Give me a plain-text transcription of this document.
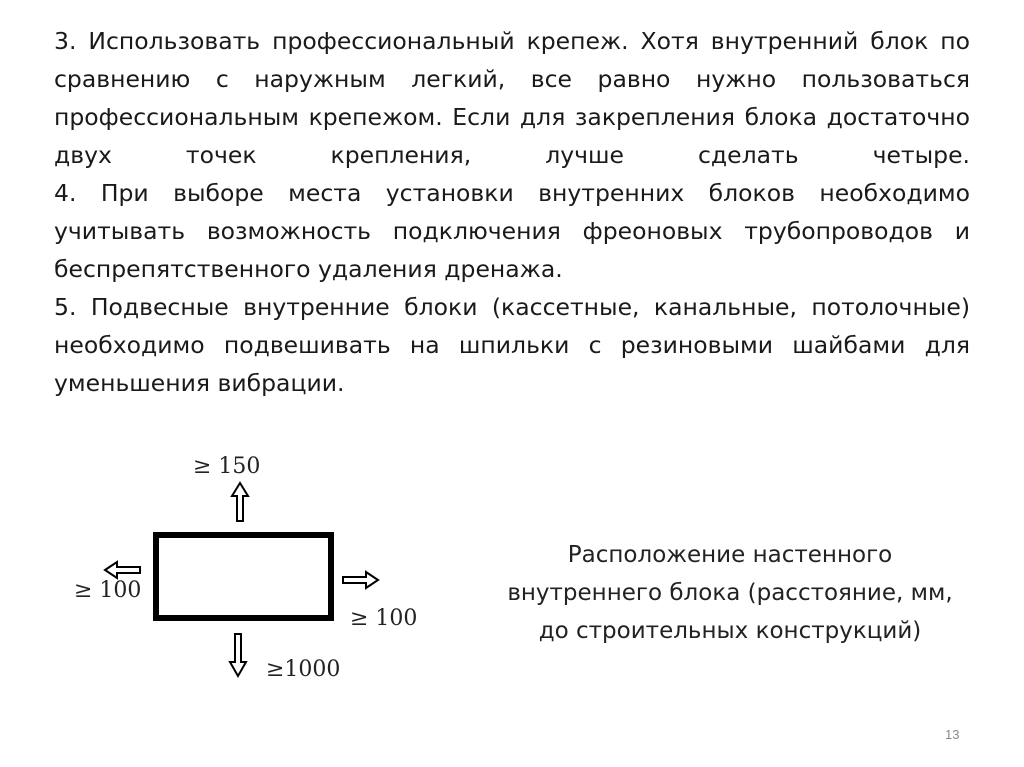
3. Использовать профессиональный крепеж. Хотя внутренний блок по сравнению с наружным легкий, все равно нужно пользоваться профессиональным крепежом. Если для закрепления блока достаточно двух точек крепления, лучше сделать четыре.

4. При выборе места установки внутренних блоков необходимо учитывать возможность подключения фреоновых трубопроводов и беспрепятственного удаления дренажа.

5. Подвесные внутренние блоки (кассетные, канальные, потолочные) необходимо подвешивать на шпильки с резиновыми шайбами для уменьшения вибрации.

≥ 150
≥ 100
≥ 100
≥1000
Расположение настенного
внутреннего блока (расстояние, мм,
до строительных конструкций)
13
